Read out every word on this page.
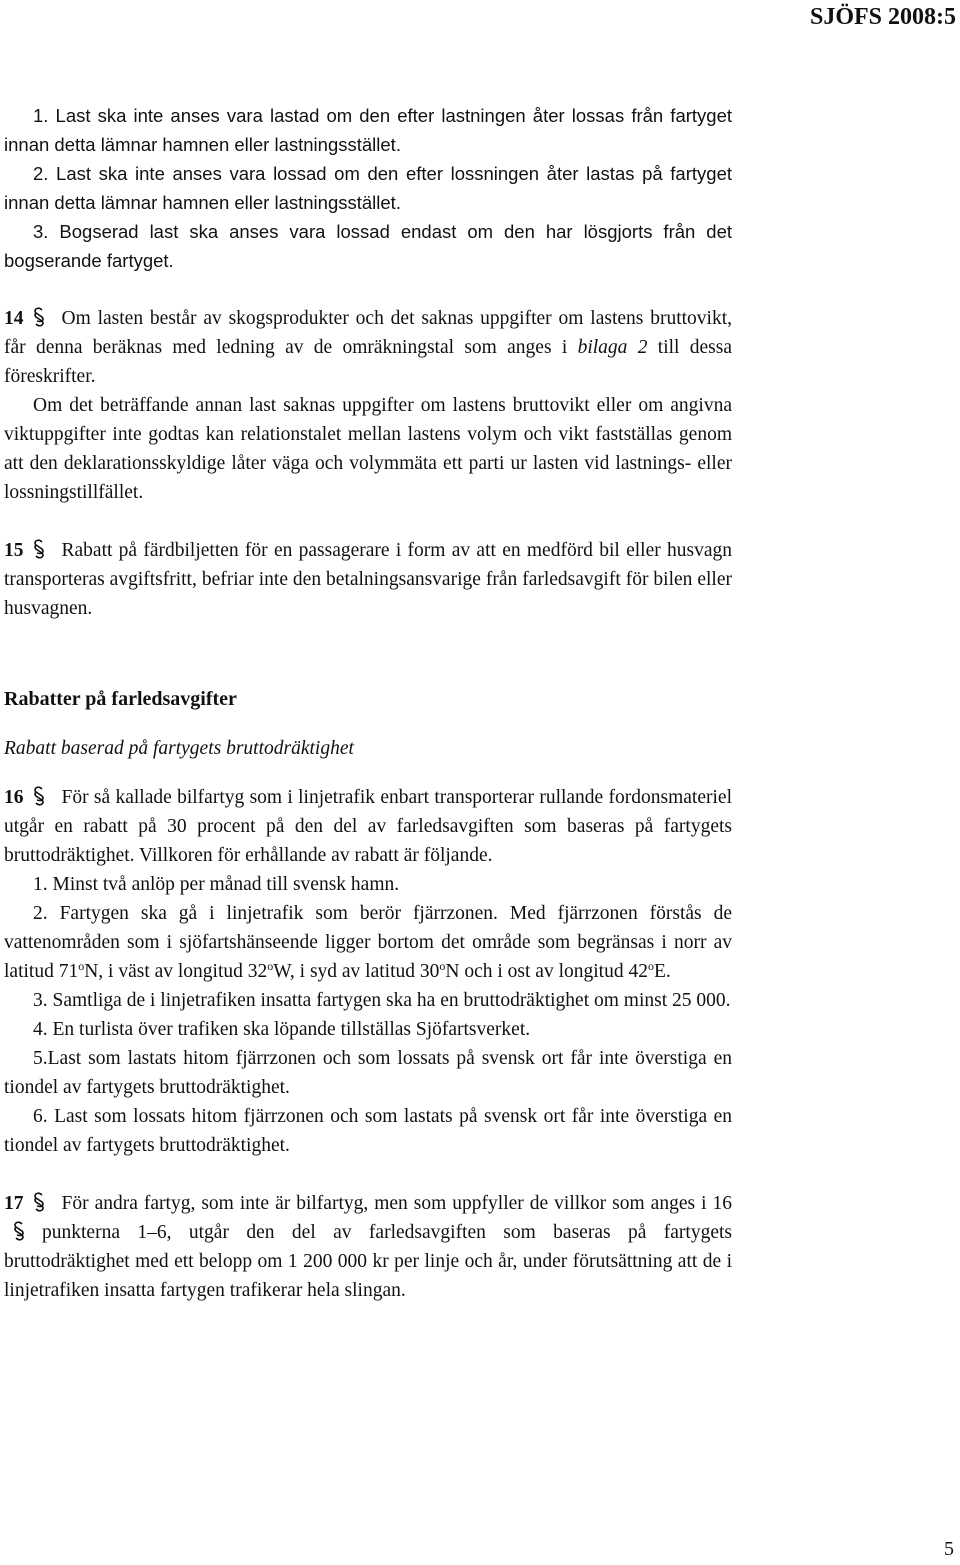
SJÖFS 2008:5

1. Last ska inte anses vara lastad om den efter lastningen åter lossas från fartyget innan detta lämnar hamnen eller lastningsstället.

2. Last ska inte anses vara lossad om den efter lossningen åter lastas på fartyget innan detta lämnar hamnen eller lastningsstället.

3. Bogserad last ska anses vara lossad endast om den har lösgjorts från det bogserande fartyget.

14 Om lasten består av skogsprodukter och det saknas uppgifter om lastens bruttovikt, får denna beräknas med ledning av de omräkningstal som anges i bilaga 2 till dessa föreskrifter.

Om det beträffande annan last saknas uppgifter om lastens bruttovikt eller om angivna viktuppgifter inte godtas kan relationstalet mellan lastens volym och vikt fastställas genom att den deklarationsskyldige låter väga och volymmäta ett parti ur lasten vid lastnings- eller lossningstillfället.

15 Rabatt på färdbiljetten för en passagerare i form av att en medförd bil eller husvagn transporteras avgiftsfritt, befriar inte den betalningsansvarige från farledsavgift för bilen eller husvagnen.

Rabatter på farledsavgifter
Rabatt baserad på fartygets bruttodräktighet

16 För så kallade bilfartyg som i linjetrafik enbart transporterar rullande fordonsmateriel utgår en rabatt på 30 procent på den del av farledsavgiften som baseras på fartygets bruttodräktighet. Villkoren för erhållande av rabatt är följande.

1. Minst två anlöp per månad till svensk hamn.

2. Fartygen ska gå i linjetrafik som berör fjärrzonen. Med fjärrzonen förstås de vattenområden som i sjöfartshänseende ligger bortom det område som begränsas i norr av latitud 71$^o$N, i väst av longitud 32$^o$W, i syd av latitud 30$^o$N och i ost av longitud 42$^o$E.

3. Samtliga de i linjetrafiken insatta fartygen ska ha en bruttodräktighet om minst 25 000.

4. En turlista över trafiken ska löpande tillställas Sjöfartsverket.

5.Last som lastats hitom fjärrzonen och som lossats på svensk ort får inte överstiga en tiondel av fartygets bruttodräktighet.

6. Last som lossats hitom fjärrzonen och som lastats på svensk ort får inte överstiga en tiondel av fartygets bruttodräktighet.

17 För andra fartyg, som inte är bilfartyg, men som uppfyller de villkor som anges i 16
punkterna 1–6, utgår den del av farledsavgiften som baseras på fartygets bruttodräktighet med ett belopp om 1 200 000 kr per linje och år, under förutsättning att de i linjetrafiken insatta fartygen trafikerar hela slingan.

5
